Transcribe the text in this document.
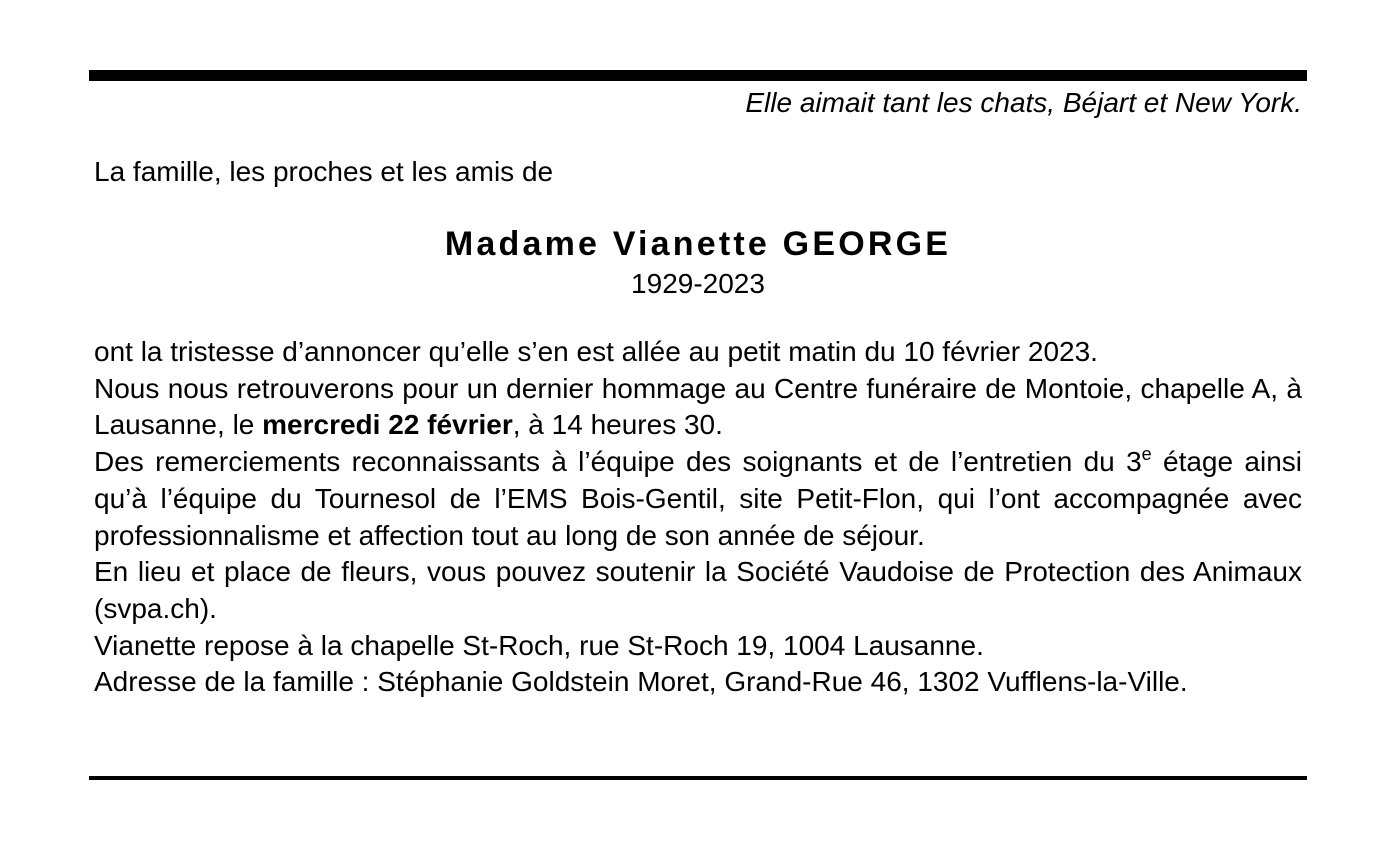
Elle aimait tant les chats, Béjart et New York.
La famille, les proches et les amis de
Madame Vianette GEORGE
1929-2023

ont la tristesse d’annoncer qu’elle s’en est allée au petit matin du 10 février 2023.

Nous nous retrouverons pour un dernier hommage au Centre funéraire de Montoie, chapelle A, à Lausanne, le mercredi 22 février, à 14 heures 30.

Des remerciements reconnaissants à l’équipe des soignants et de l’entretien du 3e étage ainsi qu’à l’équipe du Tournesol de l’EMS Bois-Gentil, site Petit-Flon, qui l’ont accompagnée avec professionnalisme et affection tout au long de son année de séjour.

En lieu et place de fleurs, vous pouvez soutenir la Société Vaudoise de Protection des Animaux (svpa.ch).

Vianette repose à la chapelle St-Roch, rue St-Roch 19, 1004 Lausanne.

Adresse de la famille : Stéphanie Goldstein Moret, Grand-Rue 46, 1302 Vufflens-la-Ville.
